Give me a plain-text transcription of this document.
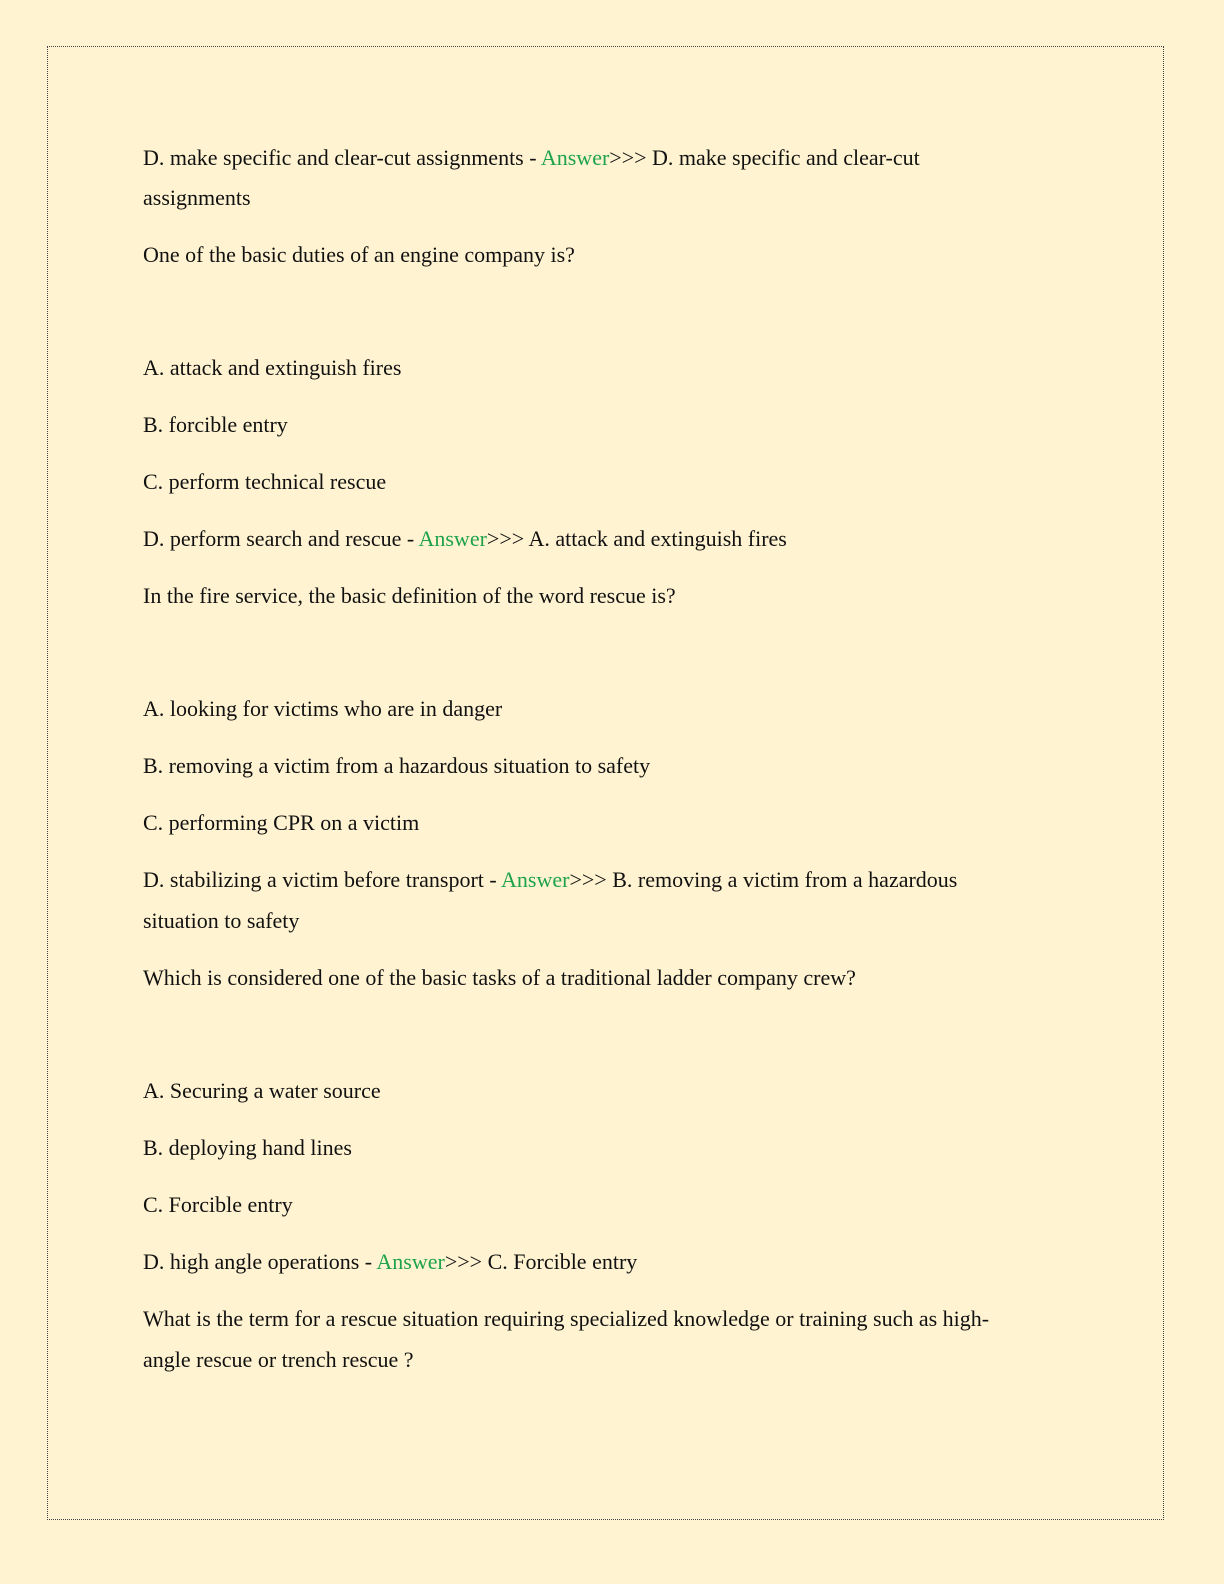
D. make specific and clear-cut assignments - Answer>>> D. make specific and clear-cut
assignments
One of the basic duties of an engine company is?
A. attack and extinguish fires
B. forcible entry
C. perform technical rescue
D. perform search and rescue - Answer>>> A. attack and extinguish fires
In the fire service, the basic definition of the word rescue is?
A. looking for victims who are in danger
B. removing a victim from a hazardous situation to safety
C. performing CPR on a victim
D. stabilizing a victim before transport - Answer>>> B. removing a victim from a hazardous
situation to safety
Which is considered one of the basic tasks of a traditional ladder company crew?
A. Securing a water source
B. deploying hand lines
C. Forcible entry
D. high angle operations - Answer>>> C. Forcible entry
What is the term for a rescue situation requiring specialized knowledge or training such as high-
angle rescue or trench rescue ?
